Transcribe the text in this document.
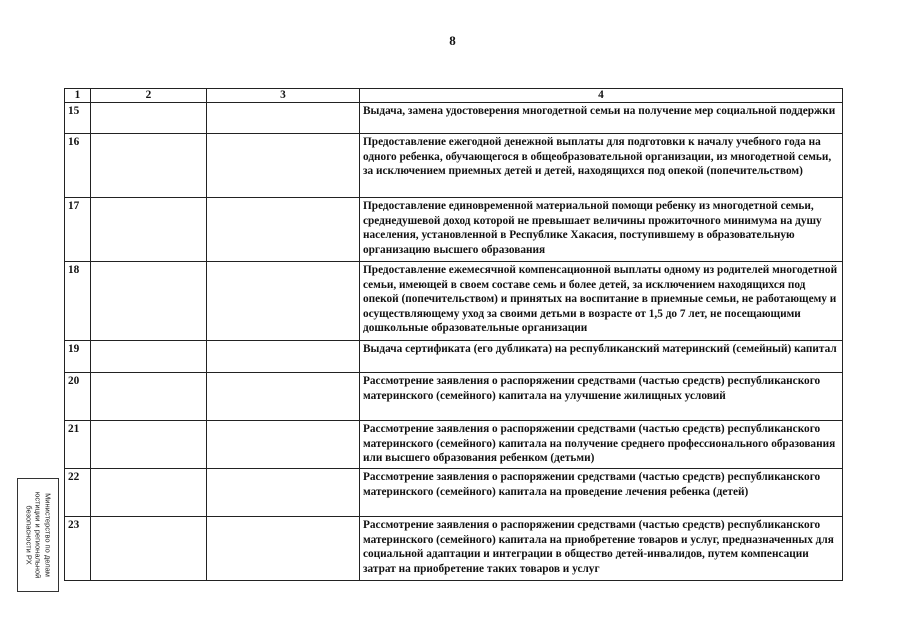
8
1	2	3	4
15			Выдача, замена удостоверения многодетной семьи на получение мер социальной поддержки
16			Предоставление ежегодной денежной выплаты для подготовки к началу учебного года на одного ребенка, обучающегося в общеобразовательной организации, из многодетной семьи, за исключением приемных детей и детей, находящихся под опекой (попечительством)
17			Предоставление единовременной материальной помощи ребенку из многодетной семьи, среднедушевой доход которой не превышает величины прожиточного минимума на душу населения, установленной в Республике Хакасия, поступившему в образовательную организацию высшего образования
18			Предоставление ежемесячной компенсационной выплаты одному из родителей многодетной семьи, имеющей в своем составе семь и более детей, за исключением находящихся под опекой (попечительством) и принятых на воспитание в приемные семьи, не работающему и осуществляющему уход за своими детьми в возрасте от 1,5 до 7 лет, не посещающими дошкольные образовательные организации
19			Выдача сертификата (его дубликата) на республиканский материнский (семейный) капитал
20			Рассмотрение заявления о распоряжении средствами (частью средств) республиканского материнского (семейного) капитала на улучшение жилищных условий
21			Рассмотрение заявления о распоряжении средствами (частью средств) республиканского материнского (семейного) капитала на получение среднего профессионального образования или высшего образования ребенком (детьми)
22			Рассмотрение заявления о распоряжении средствами (частью средств) республиканского материнского (семейного) капитала на проведение лечения ребенка (детей)
23			Рассмотрение заявления о распоряжении средствами (частью средств) республиканского материнского (семейного) капитала на приобретение товаров и услуг, предназначенных для социальной адаптации и интеграции в общество детей-инвалидов, путем компенсации затрат на приобретение таких товаров и услуг
Министерство по делам юстиции и региональной безопасности РХ
